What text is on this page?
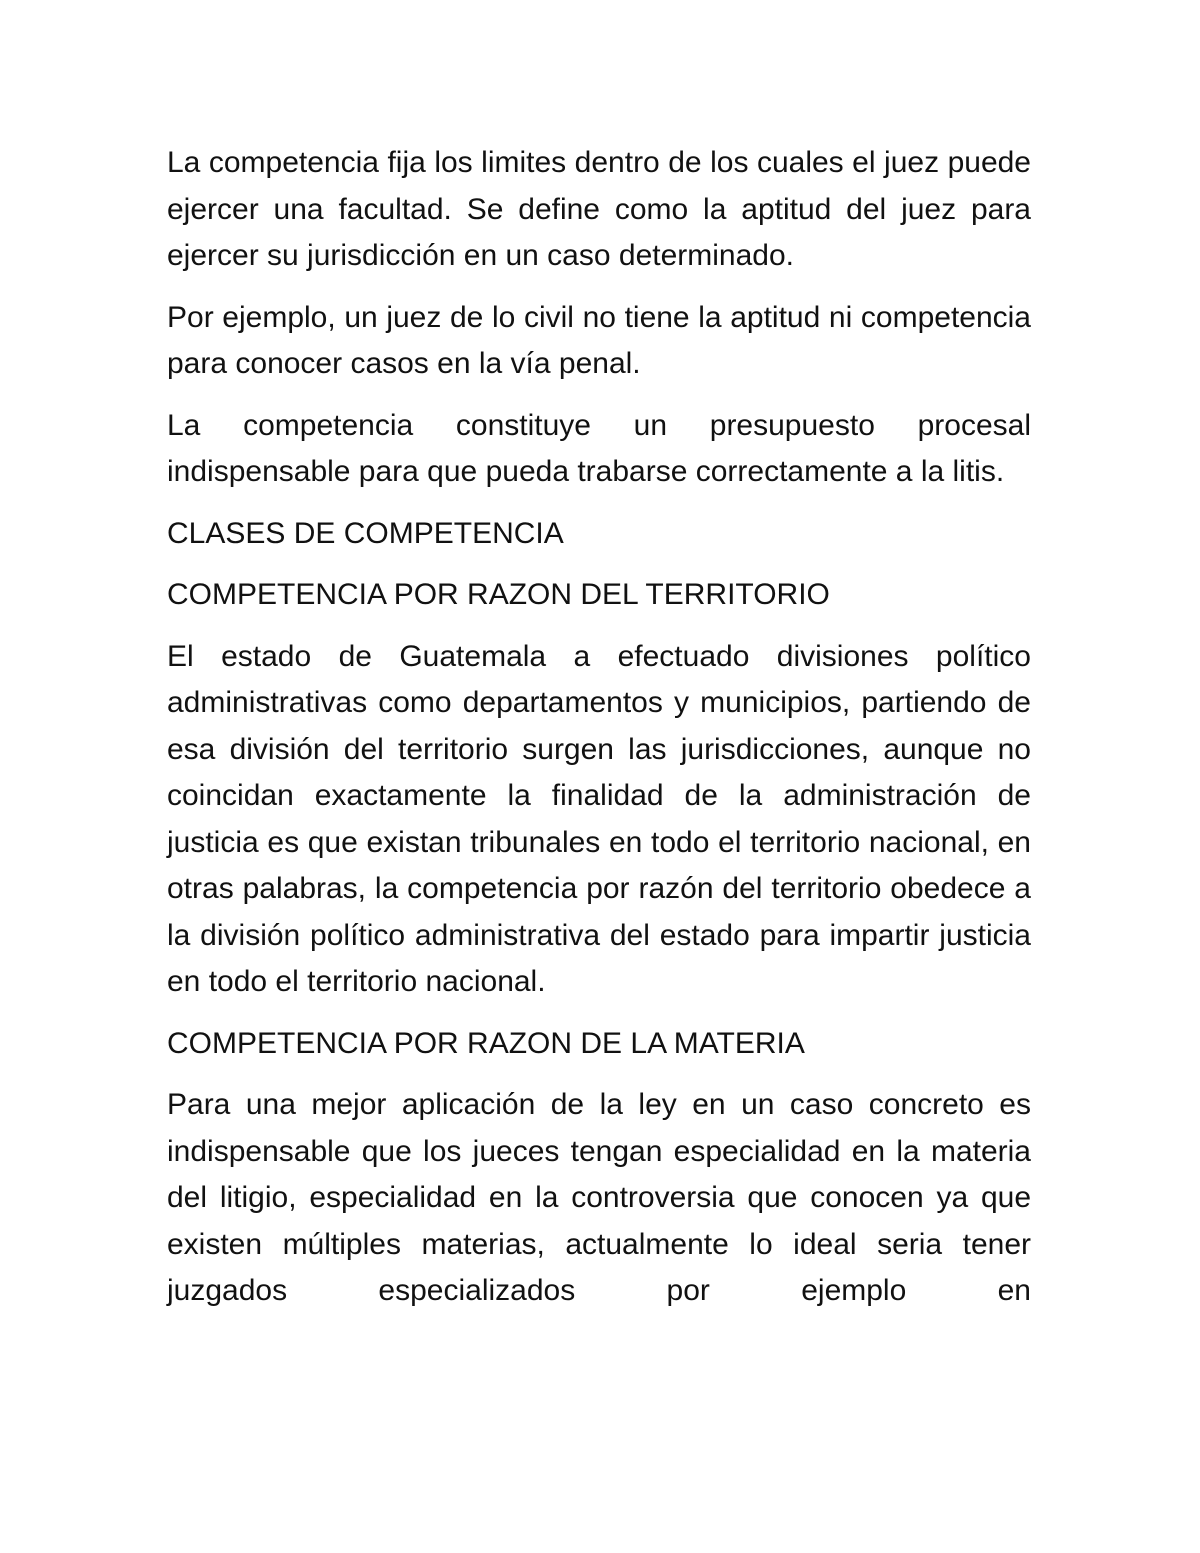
La competencia fija los limites dentro de los cuales el juez puede ejercer una facultad. Se define como la aptitud del juez para ejercer su jurisdicción en un caso determinado.

Por ejemplo, un juez de lo civil no tiene la aptitud ni competencia para conocer casos en la vía penal.

La competencia constituye un presupuesto procesal indispensable para que pueda trabarse correctamente a la litis.

CLASES DE COMPETENCIA

COMPETENCIA POR RAZON DEL TERRITORIO

El estado de Guatemala a efectuado divisiones político administrativas como departamentos y municipios, partiendo de esa división del territorio surgen las jurisdicciones, aunque no coincidan exactamente la finalidad de la administración de justicia es que existan tribunales en todo el territorio nacional, en otras palabras, la competencia por razón del territorio obedece a la división político administrativa del estado para impartir justicia en todo el territorio nacional.

COMPETENCIA POR RAZON DE LA MATERIA

Para una mejor aplicación de la ley en un caso concreto es indispensable que los jueces tengan especialidad en la materia del litigio, especialidad en la controversia que conocen ya que existen múltiples materias, actualmente lo ideal seria tener juzgados especializados por ejemplo en
